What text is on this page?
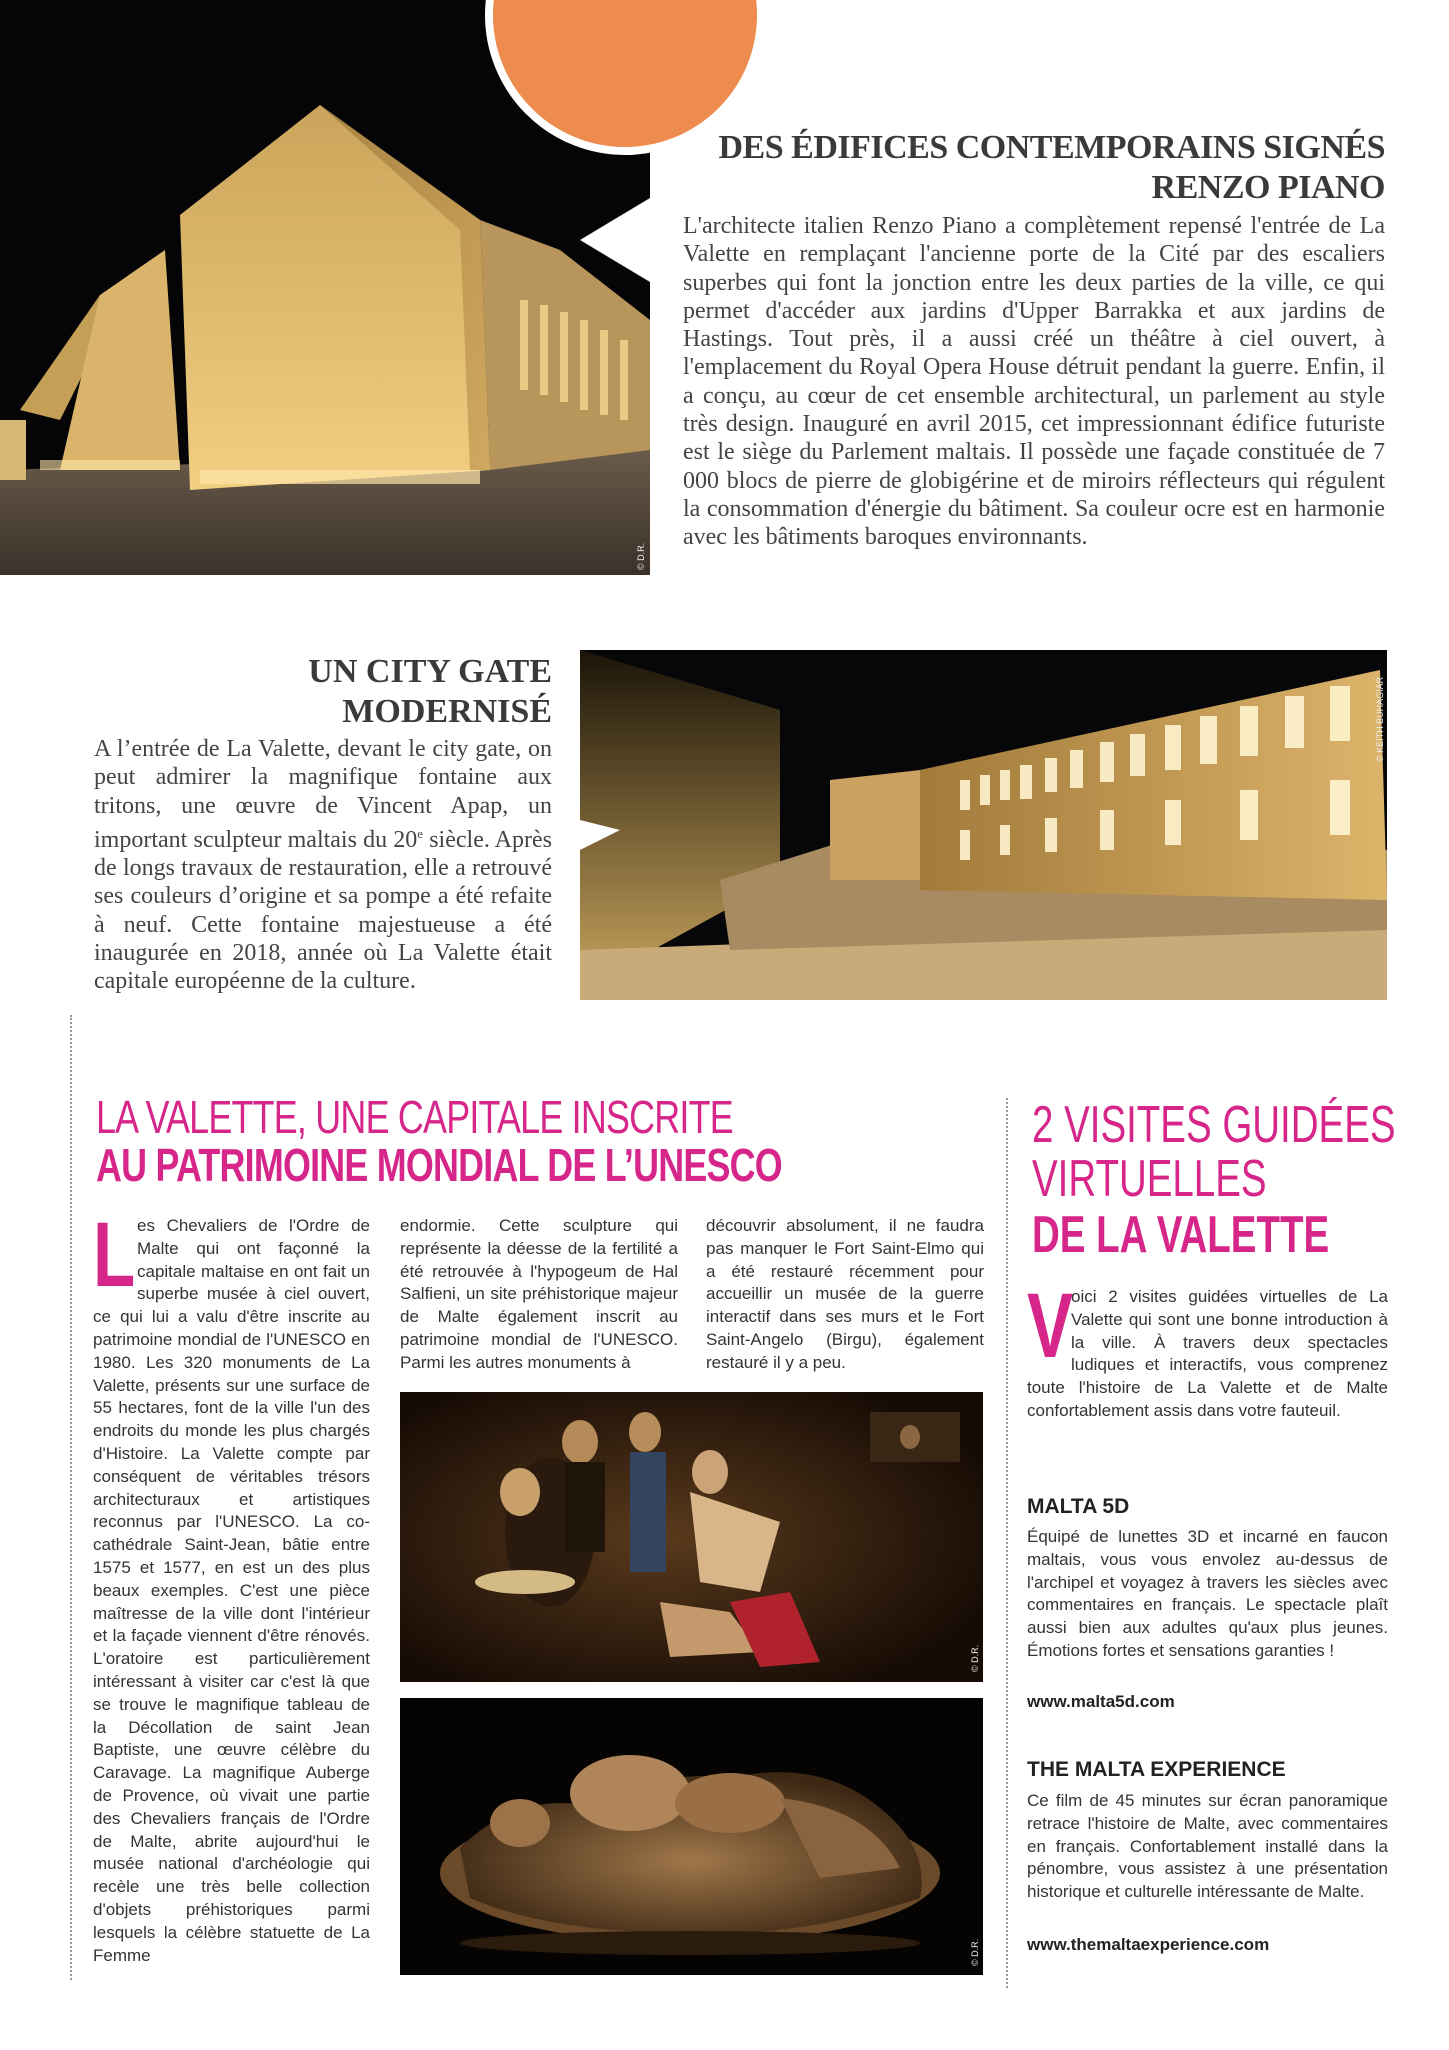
© D.R.
DES ÉDIFICES CONTEMPORAINS SIGNÉS
RENZO PIANO
L'architecte italien Renzo Piano a complètement repensé l'entrée de La Valette en remplaçant l'ancienne porte de la Cité par des escaliers superbes qui font la jonction entre les deux parties de la ville, ce qui permet d'accéder aux jardins d'Upper Barrakka et aux jardins de Hastings. Tout près, il a aussi créé un théâtre à ciel ouvert, à l'emplacement du Royal Opera House détruit pendant la guerre. Enfin, il a conçu, au cœur de cet ensemble architectural, un parlement au style très design. Inauguré en avril 2015, cet impressionnant édifice futuriste est le siège du Parlement maltais. Il possède une façade constituée de 7 000 blocs de pierre de globigérine et de miroirs réflecteurs qui régulent la consommation d'énergie du bâtiment. Sa couleur ocre est en harmonie avec les bâtiments baroques environnants.
UN CITY GATE
MODERNISÉ
A l’entrée de La Valette, devant le city gate, on peut admirer la magnifique fontaine aux tritons, une œuvre de Vincent Apap, un important sculpteur maltais du 20e siècle. Après de longs travaux de restauration, elle a retrouvé ses couleurs d’origine et sa pompe a été refaite à neuf. Cette fontaine majestueuse a été inaugurée en 2018, année où La Valette était capitale européenne de la culture.
© KEITH BUHAGIAR
LA VALETTE, UNE CAPITALE INSCRITE
AU PATRIMOINE MONDIAL DE L’UNESCO
Les Chevaliers de l'Ordre de Malte qui ont façonné la capitale maltaise en ont fait un superbe musée à ciel ouvert, ce qui lui a valu d'être inscrite au patrimoine mondial de l'UNESCO en 1980. Les 320 monuments de La Valette, présents sur une surface de 55 hectares, font de la ville l'un des endroits du monde les plus chargés d'Histoire. La Valette compte par conséquent de véritables trésors architecturaux et artistiques reconnus par l'UNESCO. La co-cathédrale Saint-Jean, bâtie entre 1575 et 1577, en est un des plus beaux exemples. C'est une pièce maîtresse de la ville dont l'intérieur et la façade viennent d'être rénovés. L'oratoire est particulièrement intéressant à visiter car c'est là que se trouve le magnifique tableau de la Décollation de saint Jean Baptiste, une œuvre célèbre du Caravage. La magnifique Auberge de Provence, où vivait une partie des Chevaliers français de l'Ordre de Malte, abrite aujourd'hui le musée national d'archéologie qui recèle une très belle collection d'objets préhistoriques parmi lesquels la célèbre statuette de La Femme
endormie. Cette sculpture qui représente la déesse de la fertilité a été retrouvée à l'hypogeum de Hal Salfieni, un site préhistorique majeur de Malte également inscrit au patrimoine mondial de l'UNESCO. Parmi les autres monuments à
découvrir absolument, il ne faudra pas manquer le Fort Saint-Elmo qui a été restauré récemment pour accueillir un musée de la guerre interactif dans ses murs et le Fort Saint-Angelo (Birgu), également restauré il y a peu.
© D.R.
© D.R.
2 VISITES GUIDÉES
VIRTUELLES
DE LA VALETTE
V
oici 2 visites guidées virtuelles de La Valette qui sont une bonne introduction à la ville. À travers deux spectacles ludiques et interactifs, vous comprenez toute l'histoire de La Valette et de Malte confortablement assis dans votre fauteuil.
MALTA 5D
Équipé de lunettes 3D et incarné en faucon maltais, vous vous envolez au-dessus de l'archipel et voyagez à travers les siècles avec commentaires en français. Le spectacle plaît aussi bien aux adultes qu'aux plus jeunes. Émotions fortes et sensations garanties !
www.malta5d.com
THE MALTA EXPERIENCE
Ce film de 45 minutes sur écran panoramique retrace l'histoire de Malte, avec commentaires en français. Confortablement installé dans la pénombre, vous assistez à une présentation historique et culturelle intéressante de Malte.
www.themaltaexperience.com
